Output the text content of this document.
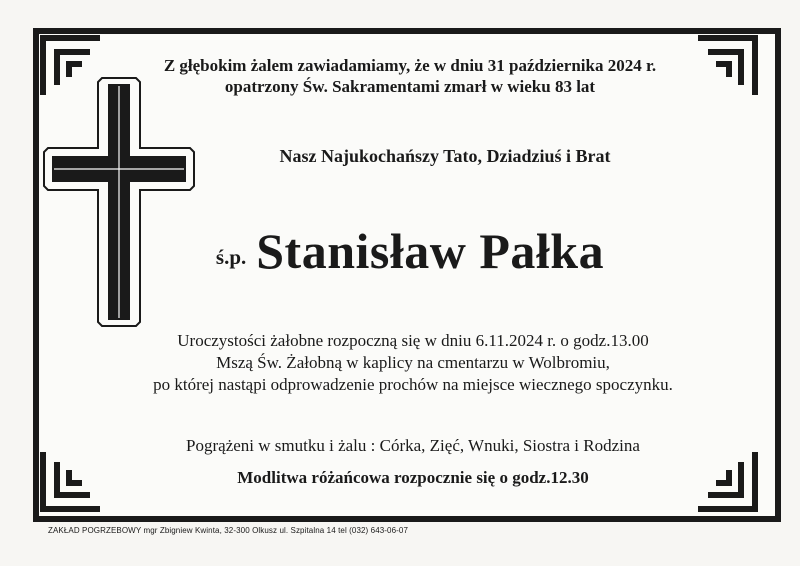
Z głębokim żalem zawiadamiamy, że w dniu 31 października 2024 r.
opatrzony Św. Sakramentami zmarł w wieku 83 lat
Nasz Najukochańszy Tato, Dziadziuś i Brat
ś.p. Stanisław Pałka
Uroczystości żałobne rozpoczną się w dniu 6.11.2024 r. o godz.13.00
Mszą Św. Żałobną w kaplicy na cmentarzu w Wolbromiu,
po której nastąpi odprowadzenie prochów na miejsce wiecznego spoczynku.
Pogrążeni w smutku i żalu : Córka, Zięć, Wnuki, Siostra i Rodzina
Modlitwa różańcowa rozpocznie się o godz.12.30
ZAKŁAD POGRZEBOWY mgr Zbigniew Kwinta, 32-300 Olkusz ul. Szpitalna 14 tel (032) 643-06-07
